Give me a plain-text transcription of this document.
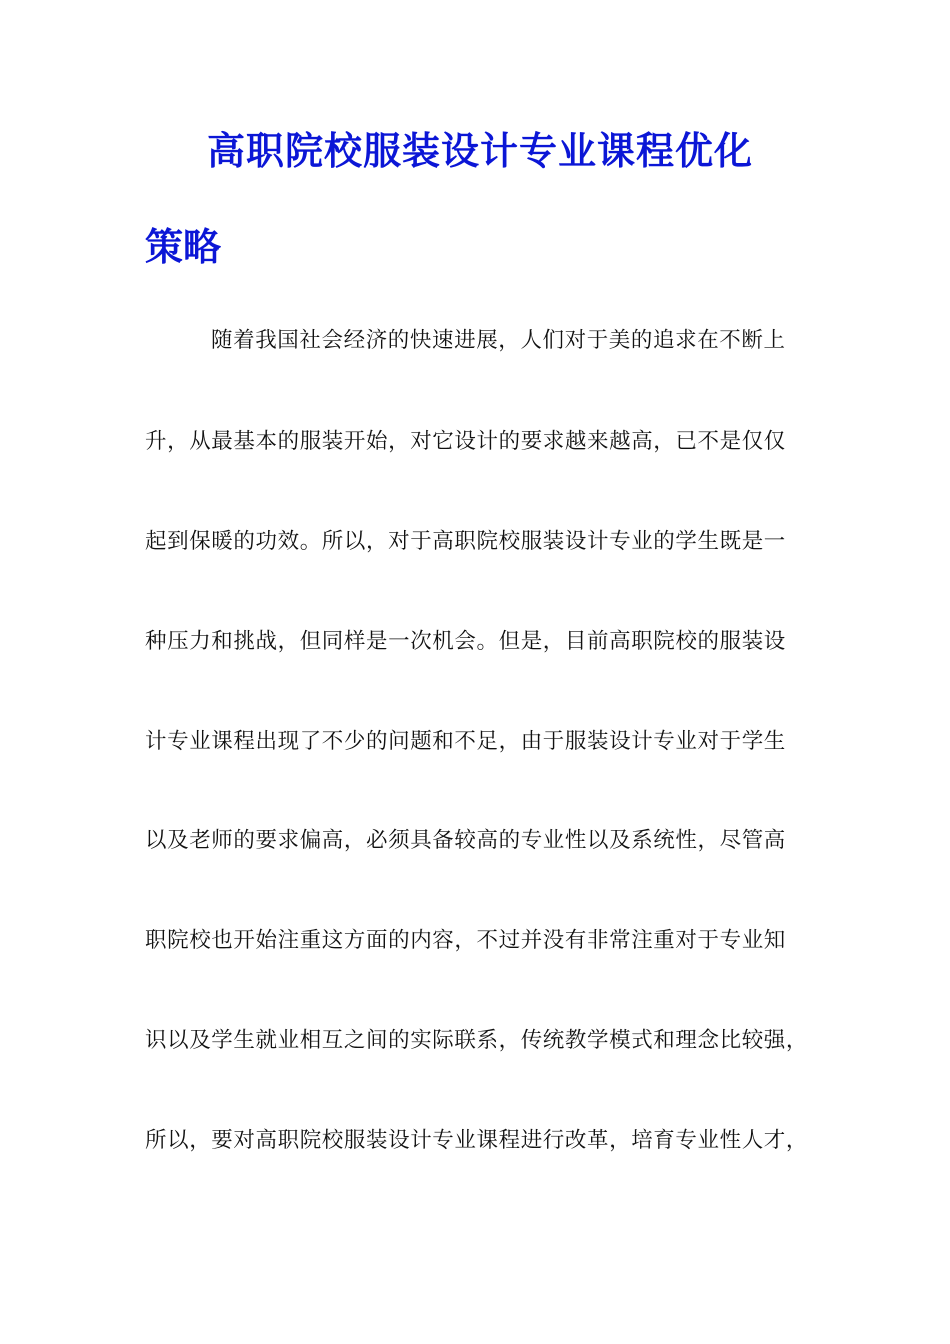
高职院校服装设计专业课程优化
策略
随着我国社会经济的快速进展，人们对于美的追求在不断上
升，从最基本的服装开始，对它设计的要求越来越高，已不是仅仅
起到保暖的功效。所以，对于高职院校服装设计专业的学生既是一
种压力和挑战，但同样是一次机会。但是，目前高职院校的服装设
计专业课程出现了不少的问题和不足，由于服装设计专业对于学生
以及老师的要求偏高，必须具备较高的专业性以及系统性，尽管高
职院校也开始注重这方面的内容，不过并没有非常注重对于专业知
识以及学生就业相互之间的实际联系，传统教学模式和理念比较强，
所以，要对高职院校服装设计专业课程进行改革，培育专业性人才，
